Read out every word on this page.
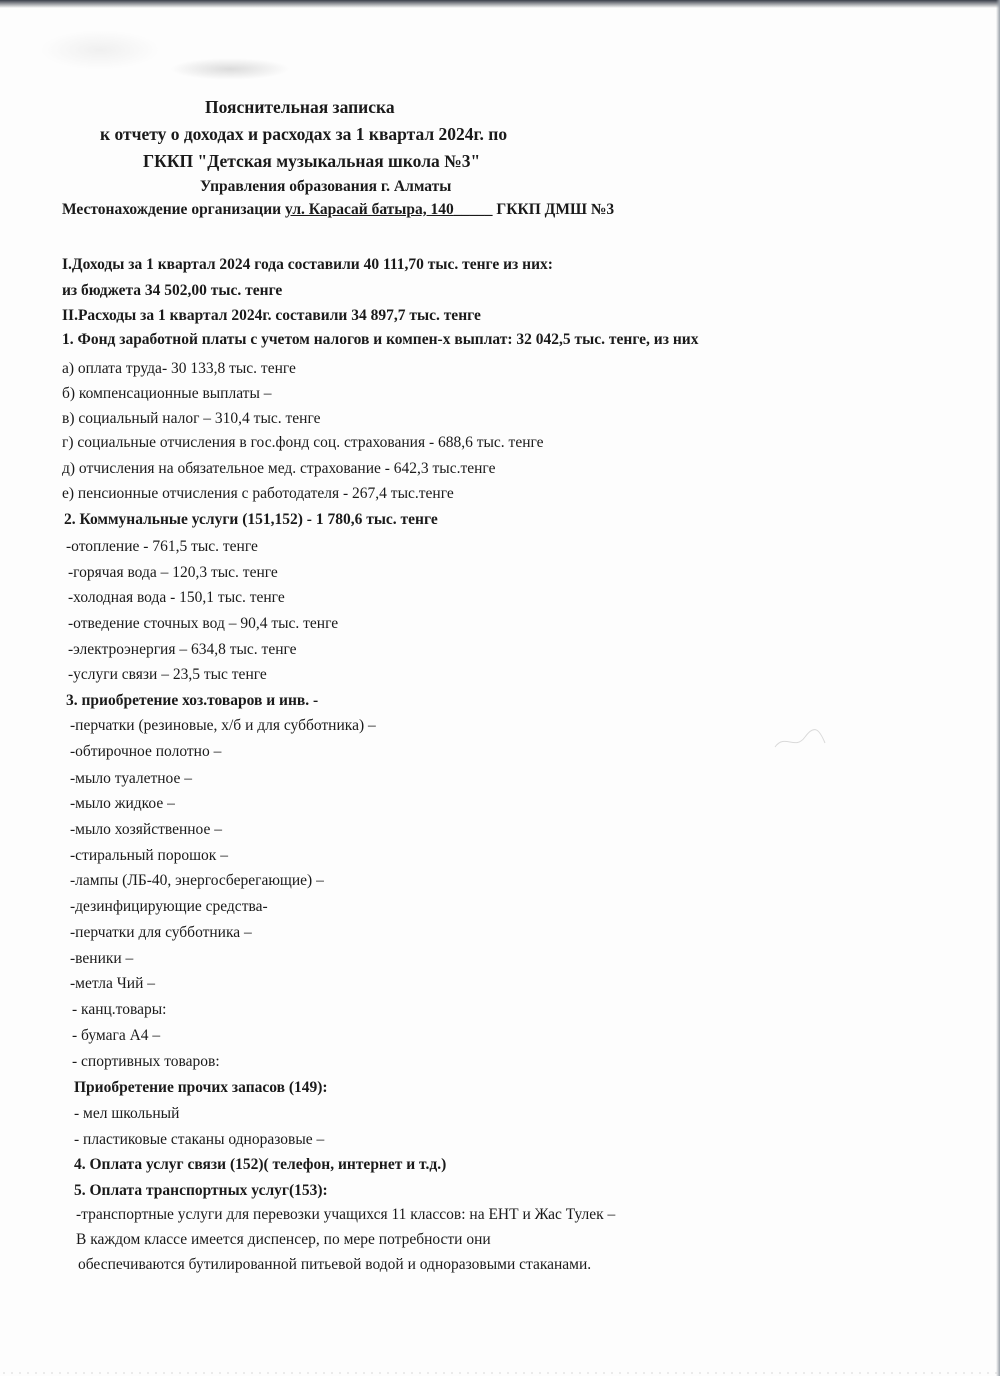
Пояснительная записка
к отчету о доходах и расходах за 1 квартал 2024г. по
ГККП "Детская музыкальная школа №3"
Управления образования г. Алматы
Местонахождение организации ул. Карасай батыра, 140_____ ГККП ДМШ №3
I.Доходы за 1 квартал 2024 года составили 40 111,70 тыс. тенге из них:
из бюджета 34 502,00 тыс. тенге
II.Расходы за 1 квартал 2024г. составили 34 897,7 тыс. тенге
1. Фонд заработной платы с учетом налогов и компен-х выплат: 32 042,5 тыс. тенге, из них
а) оплата труда- 30 133,8 тыс. тенге
б) компенсационные выплаты –
в) социальный налог – 310,4 тыс. тенге
г) социальные отчисления в гос.фонд соц. страхования - 688,6 тыс. тенге
д) отчисления на обязательное мед. страхование - 642,3 тыс.тенге
е) пенсионные отчисления с работодателя - 267,4 тыс.тенге
2. Коммунальные услуги (151,152) - 1 780,6 тыс. тенге
-отопление - 761,5 тыс. тенге
-горячая вода – 120,3 тыс. тенге
-холодная вода - 150,1 тыс. тенге
-отведение сточных вод – 90,4 тыс. тенге
-электроэнергия – 634,8 тыс. тенге
-услуги связи – 23,5 тыс тенге
3. приобретение хоз.товаров и инв. -
-перчатки (резиновые, х/б и для субботника) –
-обтирочное полотно –
-мыло туалетное –
-мыло жидкое –
-мыло хозяйственное –
-стиральный порошок –
-лампы (ЛБ-40, энергосберегающие) –
-дезинфицирующие средства-
-перчатки для субботника –
-веники –
-метла Чий –
- канц.товары:
- бумага А4 –
- спортивных товаров:
Приобретение прочих запасов (149):
- мел школьный
- пластиковые стаканы одноразовые –
4. Оплата услуг связи (152)( телефон, интернет и т.д.)
5. Оплата транспортных услуг(153):
-транспортные услуги для перевозки учащихся 11 классов: на ЕНТ и Жас Тулек –
В каждом классе имеется диспенсер, по мере потребности они
обеспечиваются бутилированной питьевой водой и одноразовыми стаканами.
